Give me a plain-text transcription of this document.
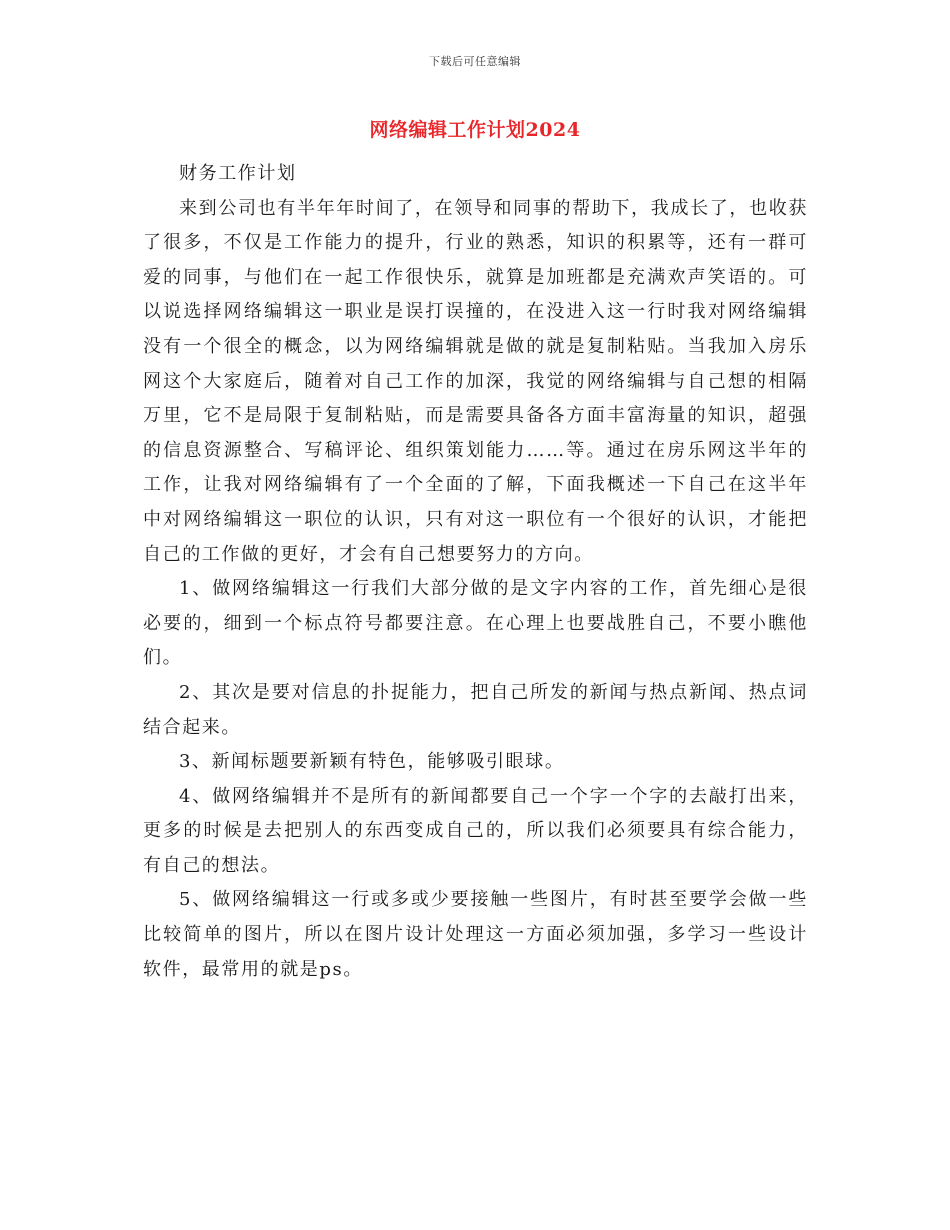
下载后可任意编辑
网络编辑工作计划2024

财务工作计划

来到公司也有半年年时间了，在领导和同事的帮助下，我成长了，也收获了很多，不仅是工作能力的提升，行业的熟悉，知识的积累等，还有一群可爱的同事，与他们在一起工作很快乐，就算是加班都是充满欢声笑语的。可以说选择网络编辑这一职业是误打误撞的，在没进入这一行时我对网络编辑没有一个很全的概念，以为网络编辑就是做的就是复制粘贴。当我加入房乐网这个大家庭后，随着对自己工作的加深，我觉的网络编辑与自己想的相隔万里，它不是局限于复制粘贴，而是需要具备各方面丰富海量的知识，超强的信息资源整合、写稿评论、组织策划能力……等。通过在房乐网这半年的工作，让我对网络编辑有了一个全面的了解，下面我概述一下自己在这半年中对网络编辑这一职位的认识，只有对这一职位有一个很好的认识，才能把自己的工作做的更好，才会有自己想要努力的方向。

1、做网络编辑这一行我们大部分做的是文字内容的工作，首先细心是很必要的，细到一个标点符号都要注意。在心理上也要战胜自己，不要小瞧他们。

2、其次是要对信息的扑捉能力，把自己所发的新闻与热点新闻、热点词结合起来。

3、新闻标题要新颖有特色，能够吸引眼球。

4、做网络编辑并不是所有的新闻都要自己一个字一个字的去敲打出来，更多的时候是去把别人的东西变成自己的，所以我们必须要具有综合能力，有自己的想法。

5、做网络编辑这一行或多或少要接触一些图片，有时甚至要学会做一些比较简单的图片，所以在图片设计处理这一方面必须加强，多学习一些设计软件，最常用的就是ps。
